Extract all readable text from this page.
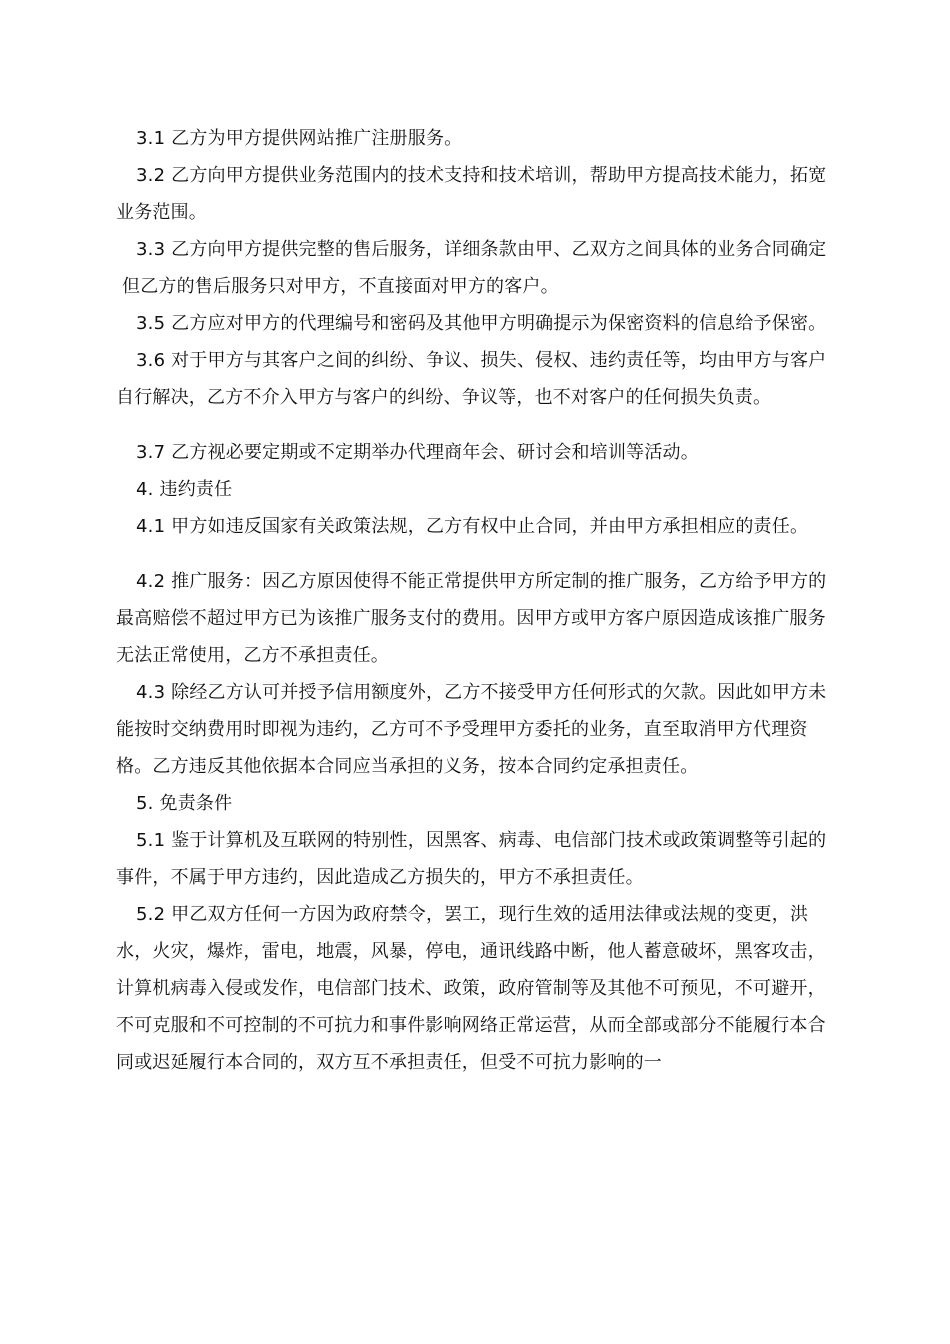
3.1 乙方为甲方提供网站推广注册服务。

3.2 乙方向甲方提供业务范围内的技术支持和技术培训，帮助甲方提高技术能力，拓宽业务范围。

3.3 乙方向甲方提供完整的售后服务，详细条款由甲、乙双方之间具体的业务合同确定

但乙方的售后服务只对甲方，不直接面对甲方的客户。

3.5 乙方应对甲方的代理编号和密码及其他甲方明确提示为保密资料的信息给予保密。

3.6 对于甲方与其客户之间的纠纷、争议、损失、侵权、违约责任等，均由甲方与客户自行解决，乙方不介入甲方与客户的纠纷、争议等，也不对客户的任何损失负责。

3.7 乙方视必要定期或不定期举办代理商年会、研讨会和培训等活动。

4. 违约责任

4.1 甲方如违反国家有关政策法规，乙方有权中止合同，并由甲方承担相应的责任。

4.2 推广服务：因乙方原因使得不能正常提供甲方所定制的推广服务，乙方给予甲方的最高赔偿不超过甲方已为该推广服务支付的费用。因甲方或甲方客户原因造成该推广服务无法正常使用，乙方不承担责任。

4.3 除经乙方认可并授予信用额度外，乙方不接受甲方任何形式的欠款。因此如甲方未能按时交纳费用时即视为违约，乙方可不予受理甲方委托的业务，直至取消甲方代理资格。乙方违反其他依据本合同应当承担的义务，按本合同约定承担责任。

5. 免责条件

5.1 鉴于计算机及互联网的特别性，因黑客、病毒、电信部门技术或政策调整等引起的事件，不属于甲方违约，因此造成乙方损失的，甲方不承担责任。

5.2 甲乙双方任何一方因为政府禁令，罢工，现行生效的适用法律或法规的变更，洪水，火灾，爆炸，雷电，地震，风暴，停电，通讯线路中断，他人蓄意破坏，黑客攻击，计算机病毒入侵或发作，电信部门技术、政策，政府管制等及其他不可预见，不可避开，不可克服和不可控制的不可抗力和事件影响网络正常运营，从而全部或部分不能履行本合同或迟延履行本合同的，双方互不承担责任，但受不可抗力影响的一
